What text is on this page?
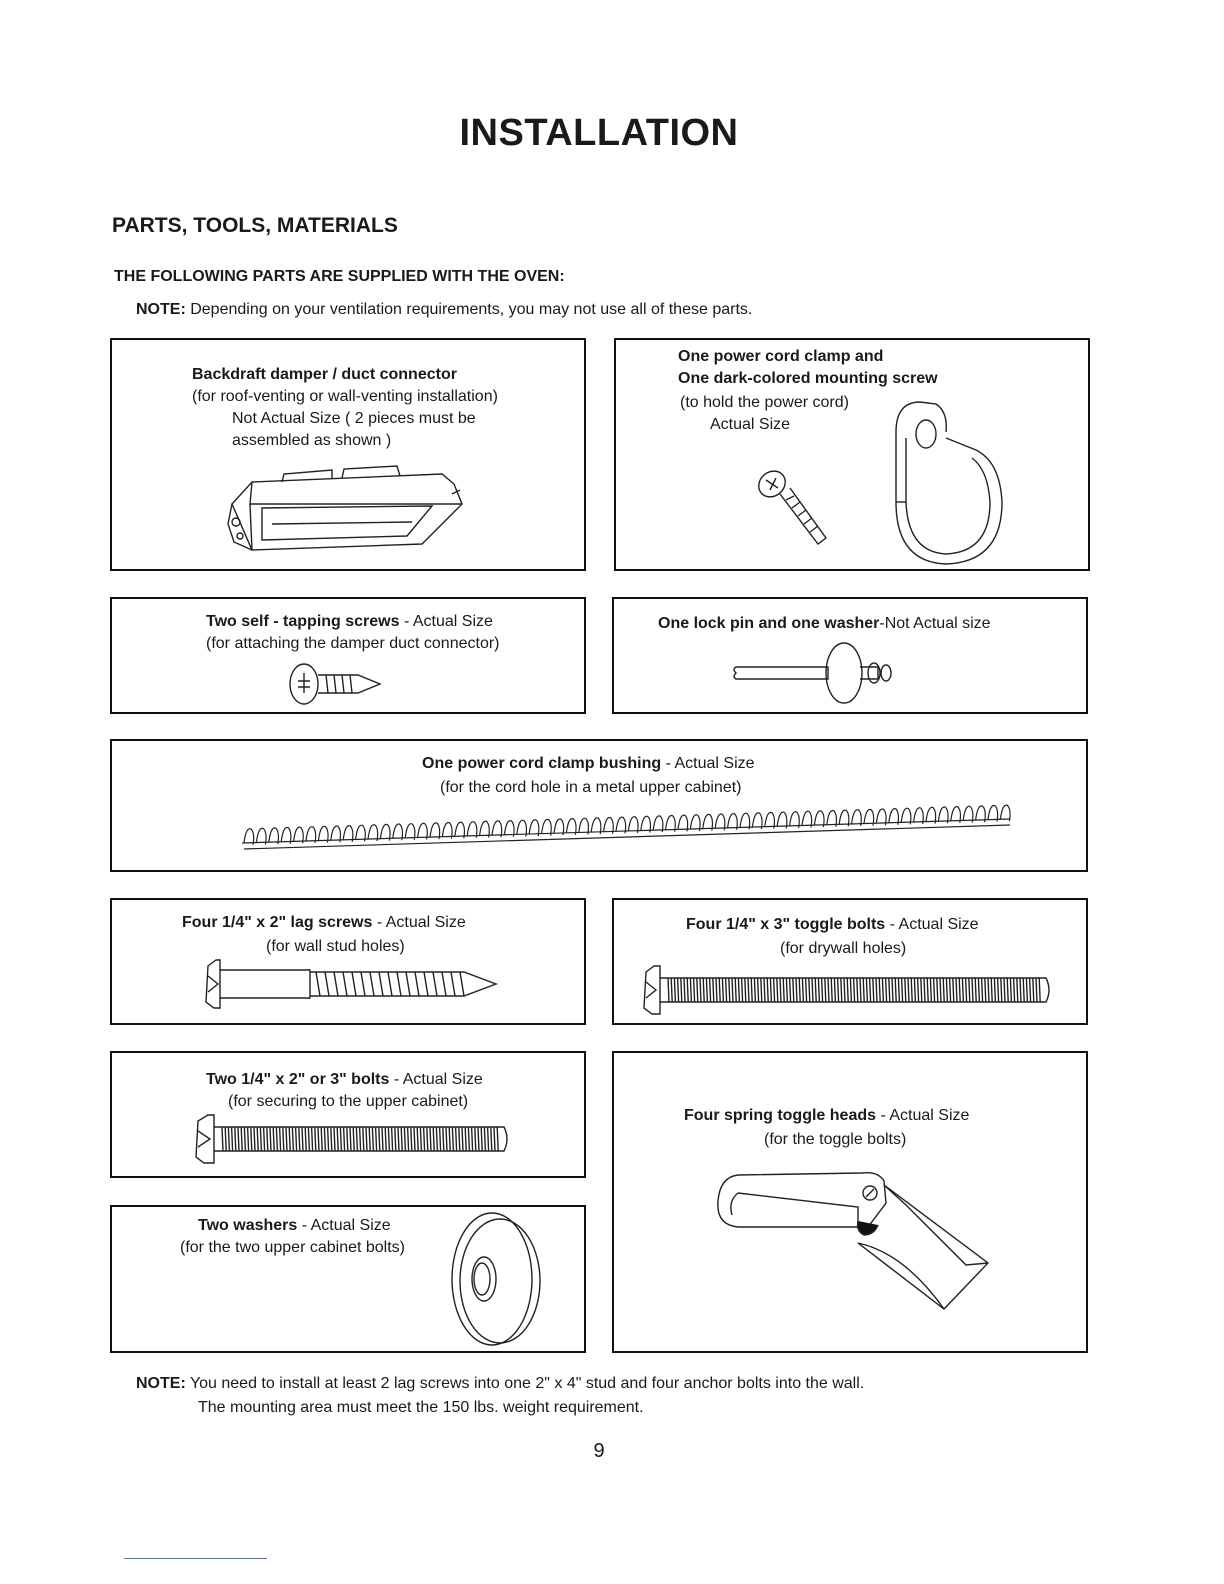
INSTALLATION
PARTS, TOOLS, MATERIALS
THE FOLLOWING PARTS ARE SUPPLIED WITH THE OVEN:
NOTE: Depending on your ventilation requirements, you may not use all of these parts.
Backdraft damper / duct connector
(for roof-venting or wall-venting installation)
Not Actual Size ( 2 pieces must be
assembled as shown )
One power cord clamp and
One dark-colored mounting screw
(to hold the power cord)
Actual Size
Two self - tapping screws - Actual Size
(for attaching the damper duct connector)
One lock pin and one washer-Not Actual size
One power cord clamp bushing - Actual Size
(for the cord hole in a metal upper cabinet)
Four 1/4" x 2" lag screws - Actual Size
(for wall stud holes)
Four 1/4" x 3" toggle bolts - Actual Size
(for drywall holes)
Two 1/4" x 2" or 3" bolts - Actual Size
(for securing to the upper cabinet)
Two washers - Actual Size
(for the two upper cabinet bolts)
Four spring toggle heads - Actual Size
(for the toggle bolts)
NOTE: You need to install at least 2 lag screws into one 2" x 4" stud and four anchor bolts into the wall.
The mounting area must meet the 150 lbs. weight requirement.
9
